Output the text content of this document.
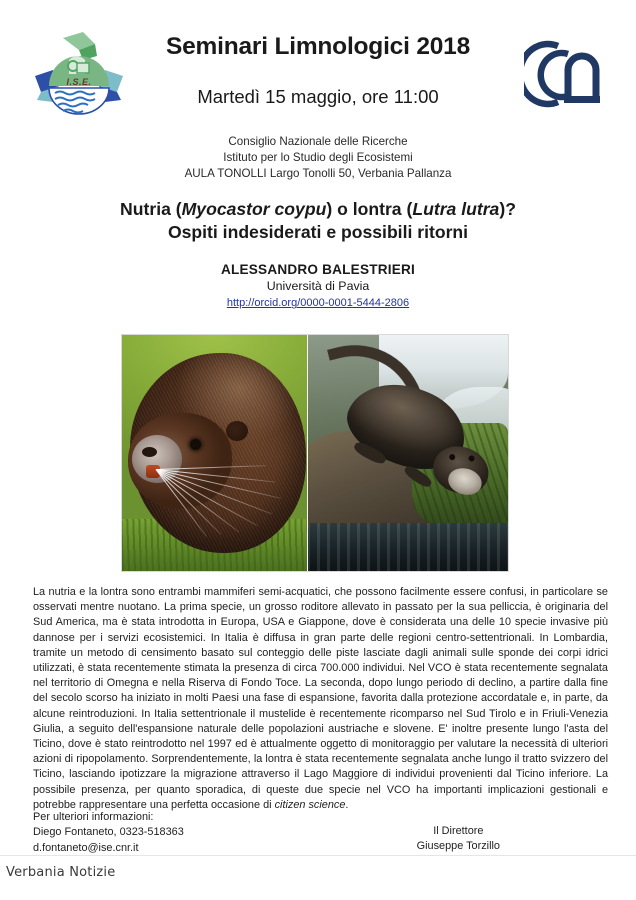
I.S.E.
Seminari Limnologici 2018
Martedì 15 maggio, ore 11:00
Consiglio Nazionale delle Ricerche
Istituto per lo Studio degli Ecosistemi
AULA TONOLLI Largo Tonolli 50, Verbania Pallanza
Nutria (Myocastor coypu) o lontra (Lutra lutra)?
Ospiti indesiderati e possibili ritorni

ALESSANDRO BALESTRIERI

Università di Pavia

http://orcid.org/0000-0001-5444-2806

La nutria e la lontra sono entrambi mammiferi semi-acquatici, che possono facilmente essere confusi, in particolare se osservati mentre nuotano. La prima specie, un grosso roditore allevato in passato per la sua pelliccia, è originaria del Sud America, ma è stata introdotta in Europa, USA e Giappone, dove è considerata una delle 10 specie invasive più dannose per i servizi ecosistemici. In Italia è diffusa in gran parte delle regioni centro-settentrionali. In Lombardia, tramite un metodo di censimento basato sul conteggio delle piste lasciate dagli animali sulle sponde dei corpi idrici utilizzati, è stata recentemente stimata la presenza di circa 700.000 individui. Nel VCO è stata recentemente segnalata nel territorio di Omegna e nella Riserva di Fondo Toce. La seconda, dopo lungo periodo di declino, a partire dalla fine del secolo scorso ha iniziato in molti Paesi una fase di espansione, favorita dalla protezione accordatale e, in parte, da alcune reintroduzioni. In Italia settentrionale il mustelide è recentemente ricomparso nel Sud Tirolo e in Friuli-Venezia Giulia, a seguito dell'espansione naturale delle popolazioni austriache e slovene. E' inoltre presente lungo l'asta del Ticino, dove è stato reintrodotto nel 1997 ed è attualmente oggetto di monitoraggio per valutare la necessità di ulteriori azioni di ripopolamento. Sorprendentemente, la lontra è stata recentemente segnalata anche lungo il tratto svizzero del Ticino, lasciando ipotizzare la migrazione attraverso il Lago Maggiore di individui provenienti dal Ticino inferiore. La possibile presenza, per quanto sporadica, di queste due specie nel VCO ha importanti implicazioni gestionali e potrebbe rappresentare una perfetta occasione di citizen science.

Per ulteriori informazioni:
Diego Fontaneto, 0323-518363
d.fontaneto@ise.cnr.it
Il Direttore
Giuseppe Torzillo
Verbania Notizie
